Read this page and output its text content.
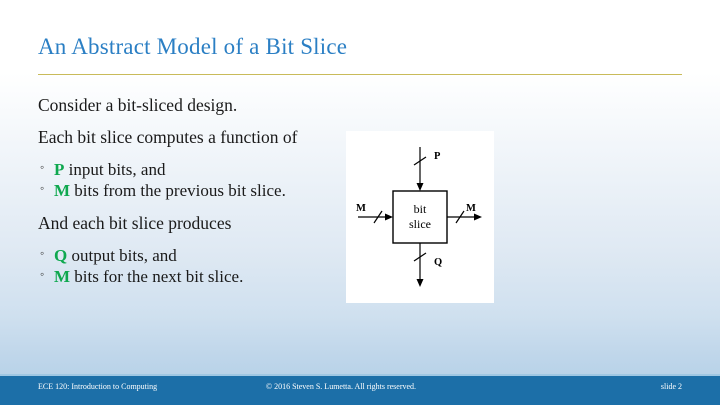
An Abstract Model of a Bit Slice

Consider a bit-sliced design.

Each bit slice computes a function of

◦ P input bits, and
◦ M bits from the previous bit slice.

And each bit slice produces

◦ Q output bits, and
◦ M bits for the next bit slice.
bit
slice
P
M	M
Q
ECE 120: Introduction to Computing	© 2016 Steven S. Lumetta. All rights reserved.	slide 2
